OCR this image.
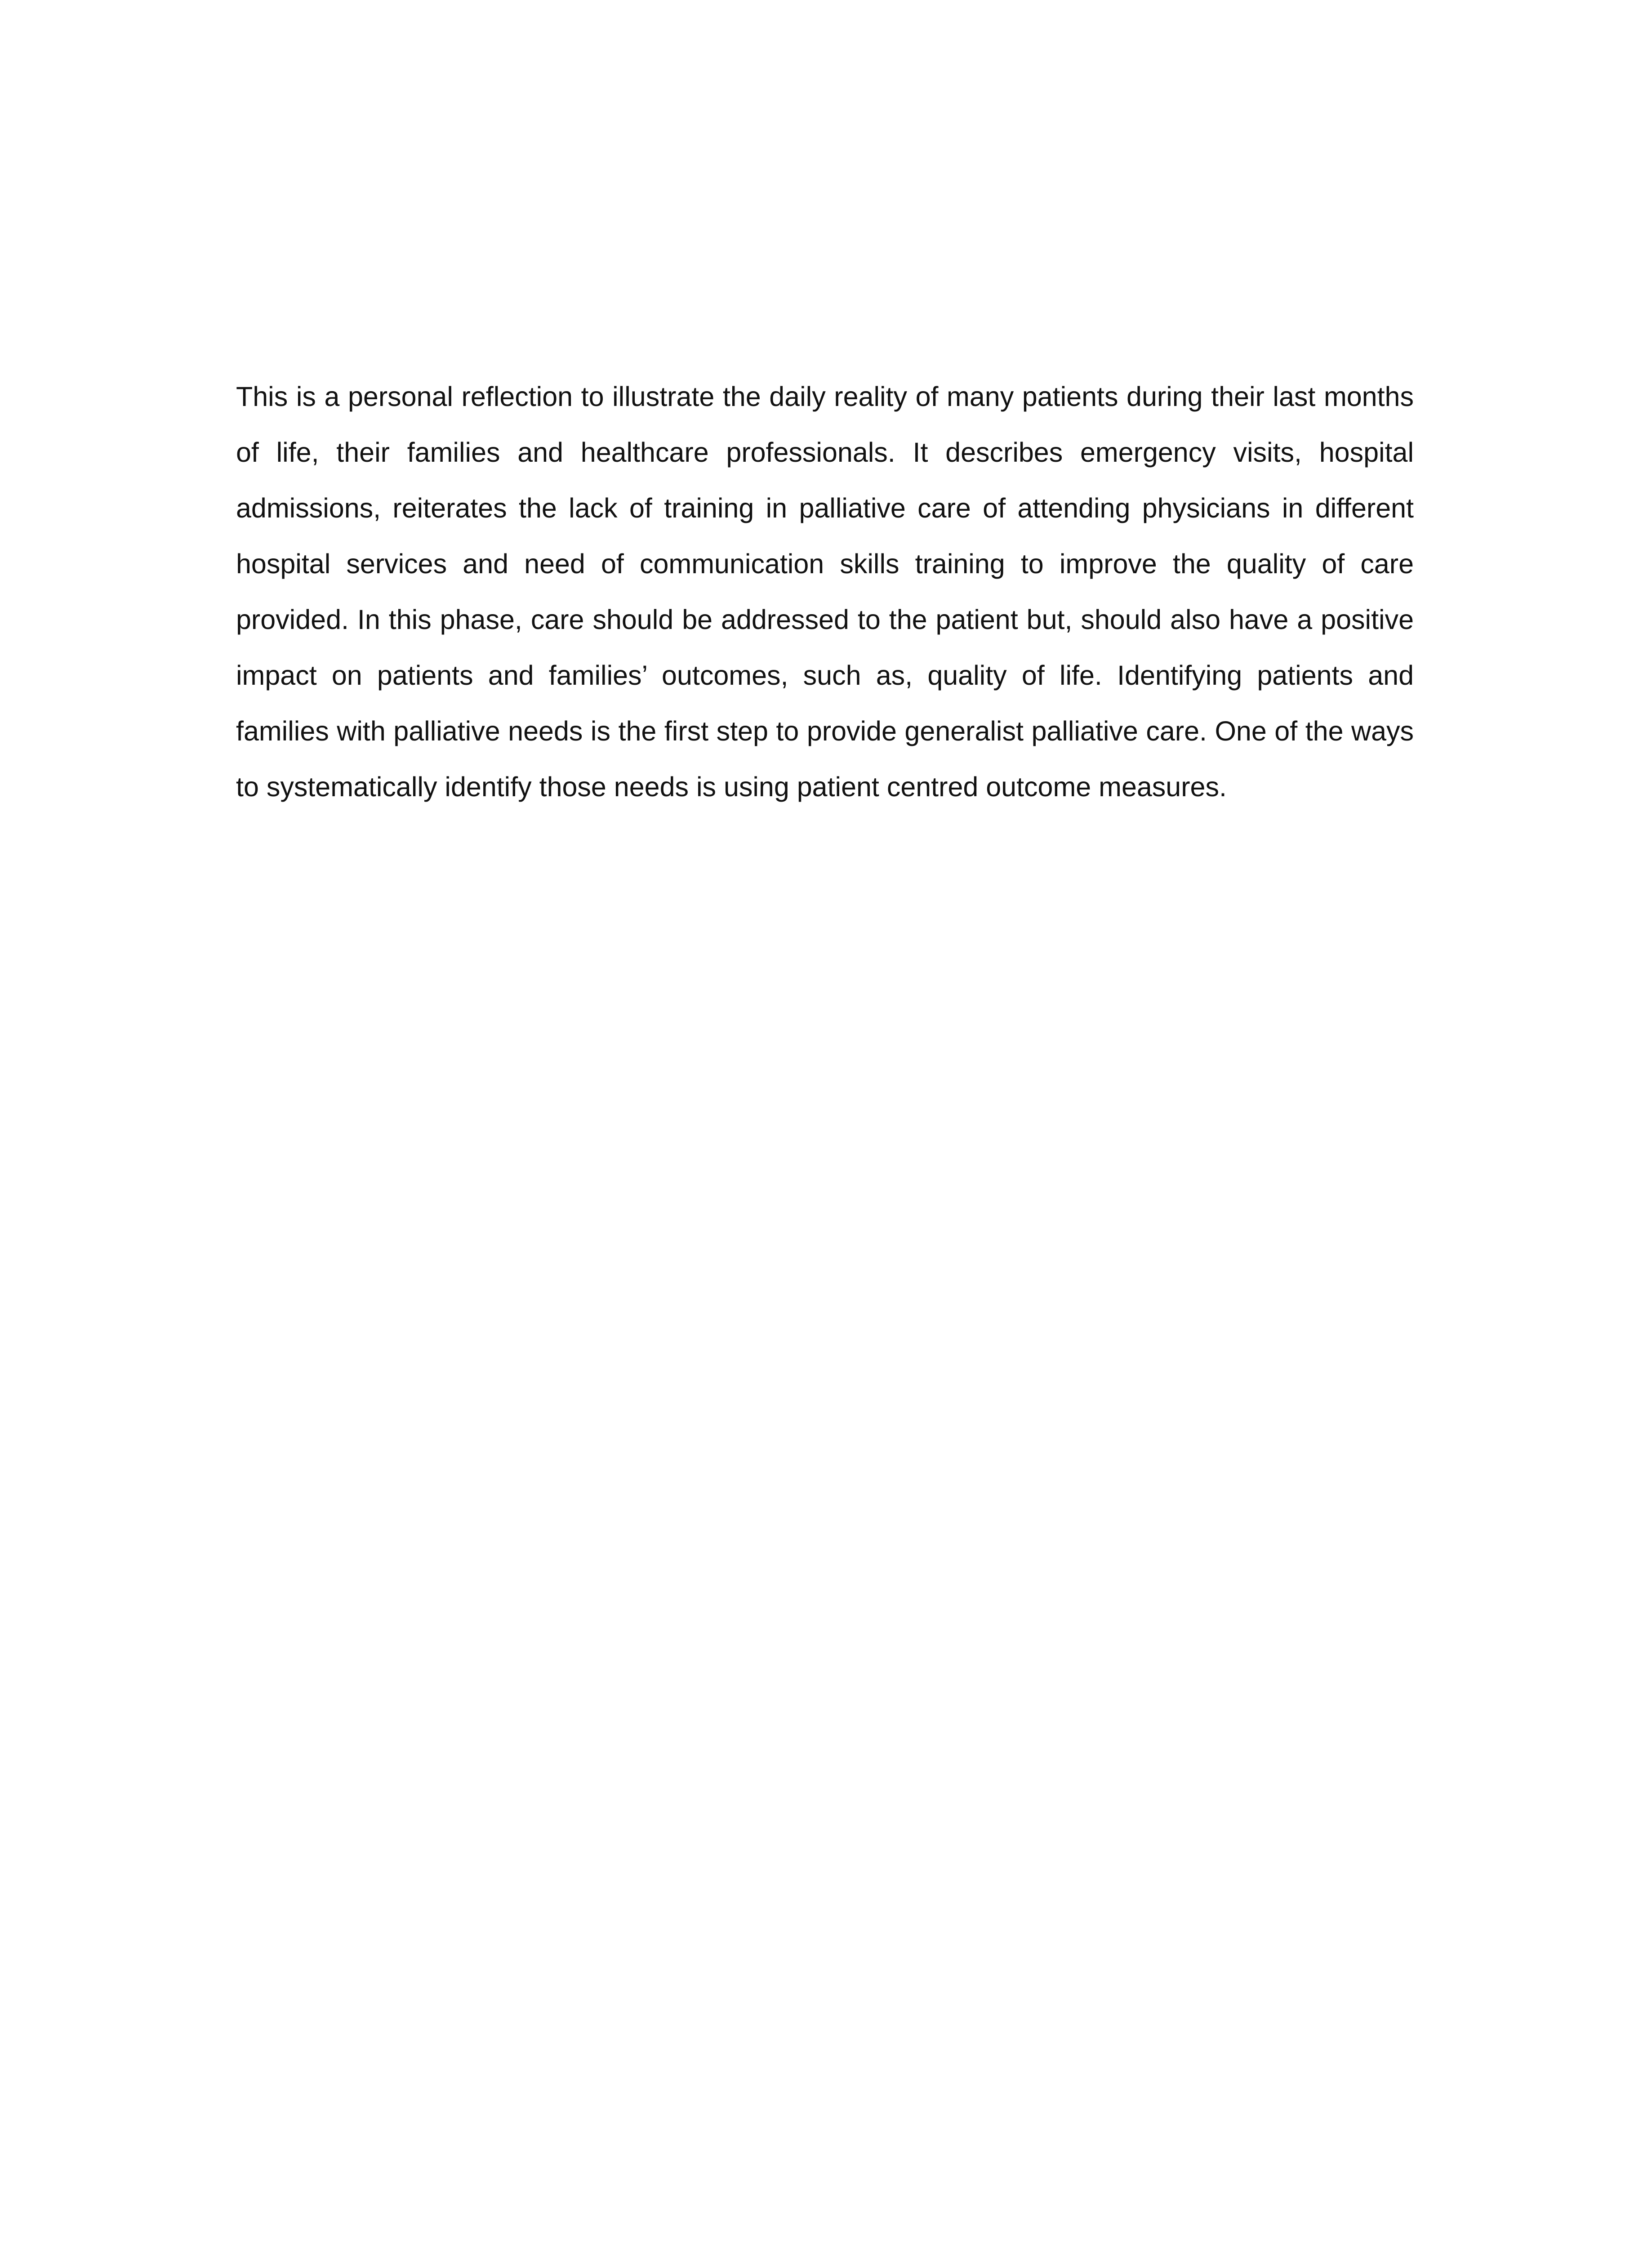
This is a personal reflection to illustrate the daily reality of many patients during their last months of life, their families and healthcare professionals. It describes emergency visits, hospital admissions, reiterates the lack of training in palliative care of attending physicians in different hospital services and need of communication skills training to improve the quality of care provided. In this phase, care should be addressed to the patient but, should also have a positive impact on patients and families’ outcomes, such as, quality of life. Identifying patients and families with palliative needs is the first step to provide generalist palliative care. One of the ways to systematically identify those needs is using patient centred outcome measures.
